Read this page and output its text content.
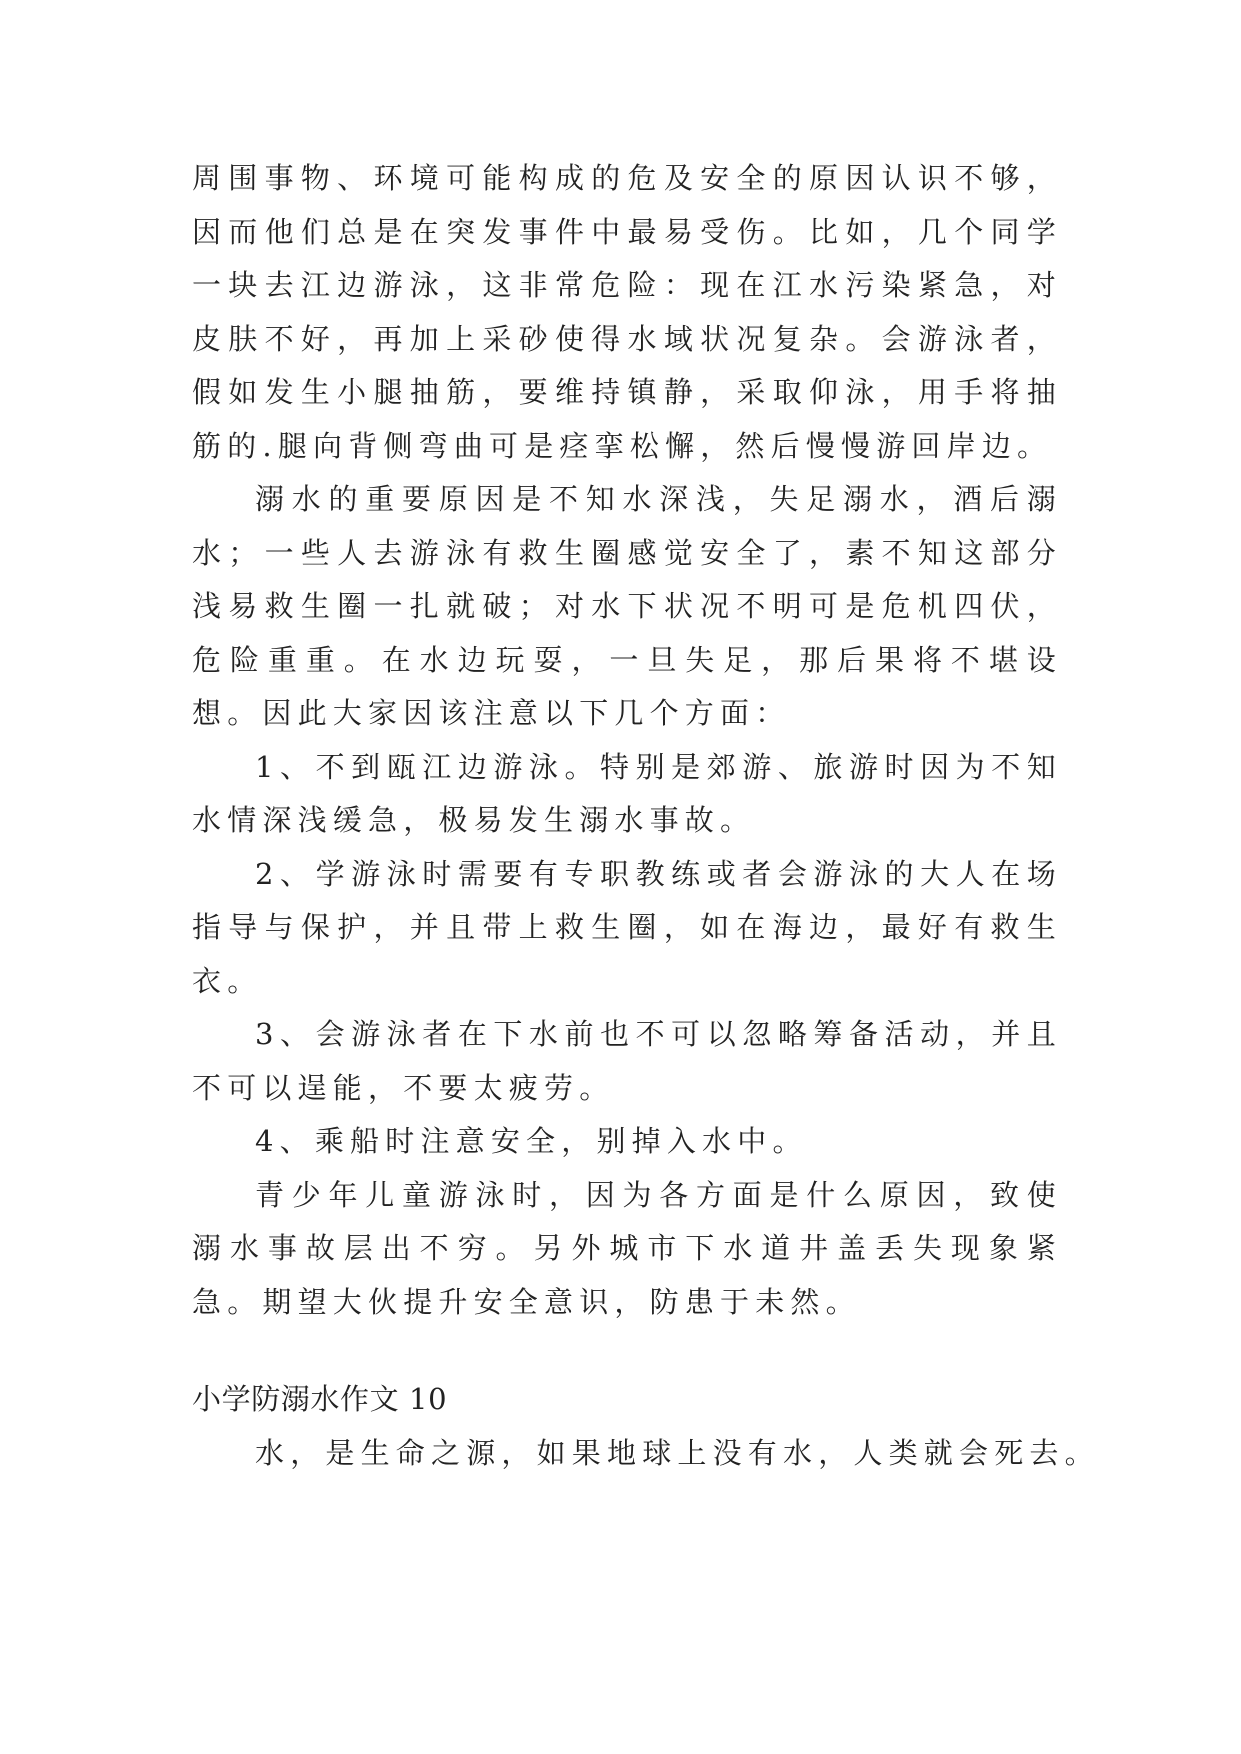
周围事物、环境可能构成的危及安全的原因认识不够，因而他们总是在突发事件中最易受伤。比如，几个同学一块去江边游泳，这非常危险：现在江水污染紧急，对皮肤不好，再加上采砂使得水域状况复杂。会游泳者，假如发生小腿抽筋，要维持镇静，采取仰泳，用手将抽筋的.腿向背侧弯曲可是痉挛松懈，然后慢慢游回岸边。

溺水的重要原因是不知水深浅，失足溺水，酒后溺水；一些人去游泳有救生圈感觉安全了，素不知这部分浅易救生圈一扎就破；对水下状况不明可是危机四伏，危险重重。在水边玩耍，一旦失足，那后果将不堪设想。因此大家因该注意以下几个方面：

1、不到瓯江边游泳。特别是郊游、旅游时因为不知水情深浅缓急，极易发生溺水事故。

2、学游泳时需要有专职教练或者会游泳的大人在场指导与保护，并且带上救生圈，如在海边，最好有救生衣。

3、会游泳者在下水前也不可以忽略筹备活动，并且不可以逞能，不要太疲劳。

4、乘船时注意安全，别掉入水中。

青少年儿童游泳时，因为各方面是什么原因，致使溺水事故层出不穷。另外城市下水道井盖丢失现象紧急。期望大伙提升安全意识，防患于未然。

小学防溺水作文 10

水，是生命之源，如果地球上没有水，人类就会死去。
